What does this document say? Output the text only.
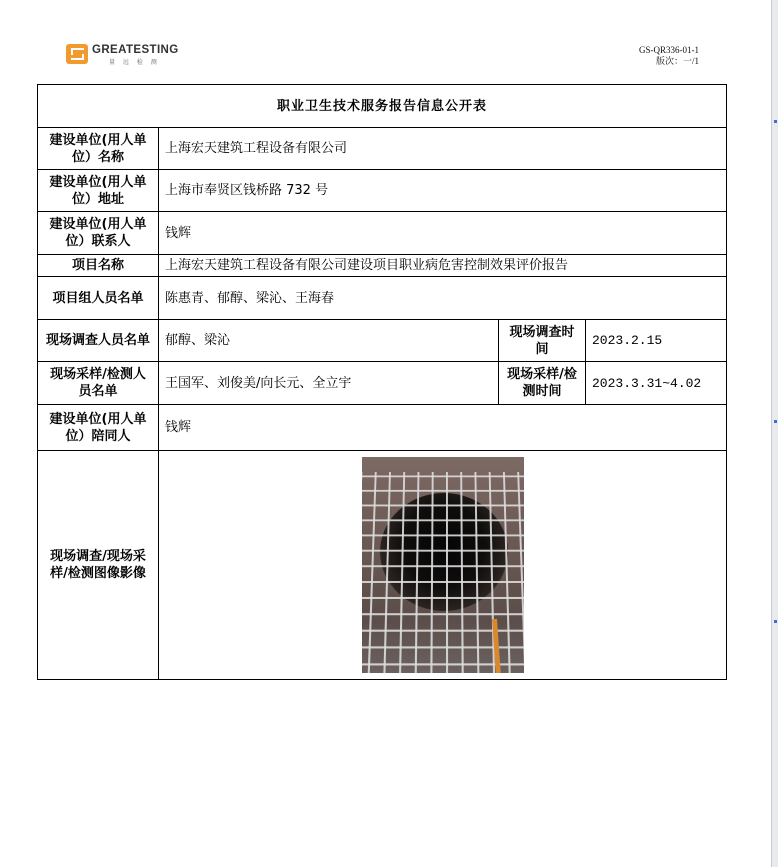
GREATESTING
量 远 检 测
GS-QR336-01-1
版次：一/1
职业卫生技术服务报告信息公开表			
建设单位(用人单位）名称	上海宏天建筑工程设备有限公司		
建设单位(用人单位）地址	上海市奉贤区钱桥路 732 号		
建设单位(用人单位）联系人	钱辉		
项目名称	上海宏天建筑工程设备有限公司建设项目职业病危害控制效果评价报告		
项目组人员名单	陈惠青、郁醇、梁沁、王海春		
现场调查人员名单	郁醇、梁沁	现场调查时间	2023.2.15
现场采样/检测人员名单	王国军、刘俊美/向长元、全立宇	现场采样/检测时间	2023.3.31~4.02
建设单位(用人单位）陪同人	钱辉		
现场调查/现场采样/检测图像影像			
